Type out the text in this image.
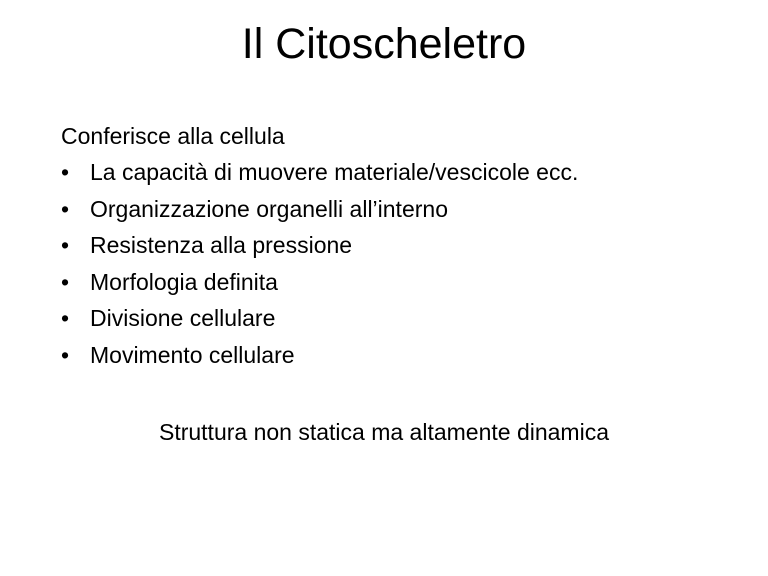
Il Citoscheletro

Conferisce alla cellula

• La capacità di muovere materiale/vescicole ecc.
• Organizzazione organelli all’interno
• Resistenza alla pressione
• Morfologia definita
• Divisione cellulare
• Movimento cellulare

Struttura non statica ma altamente dinamica
